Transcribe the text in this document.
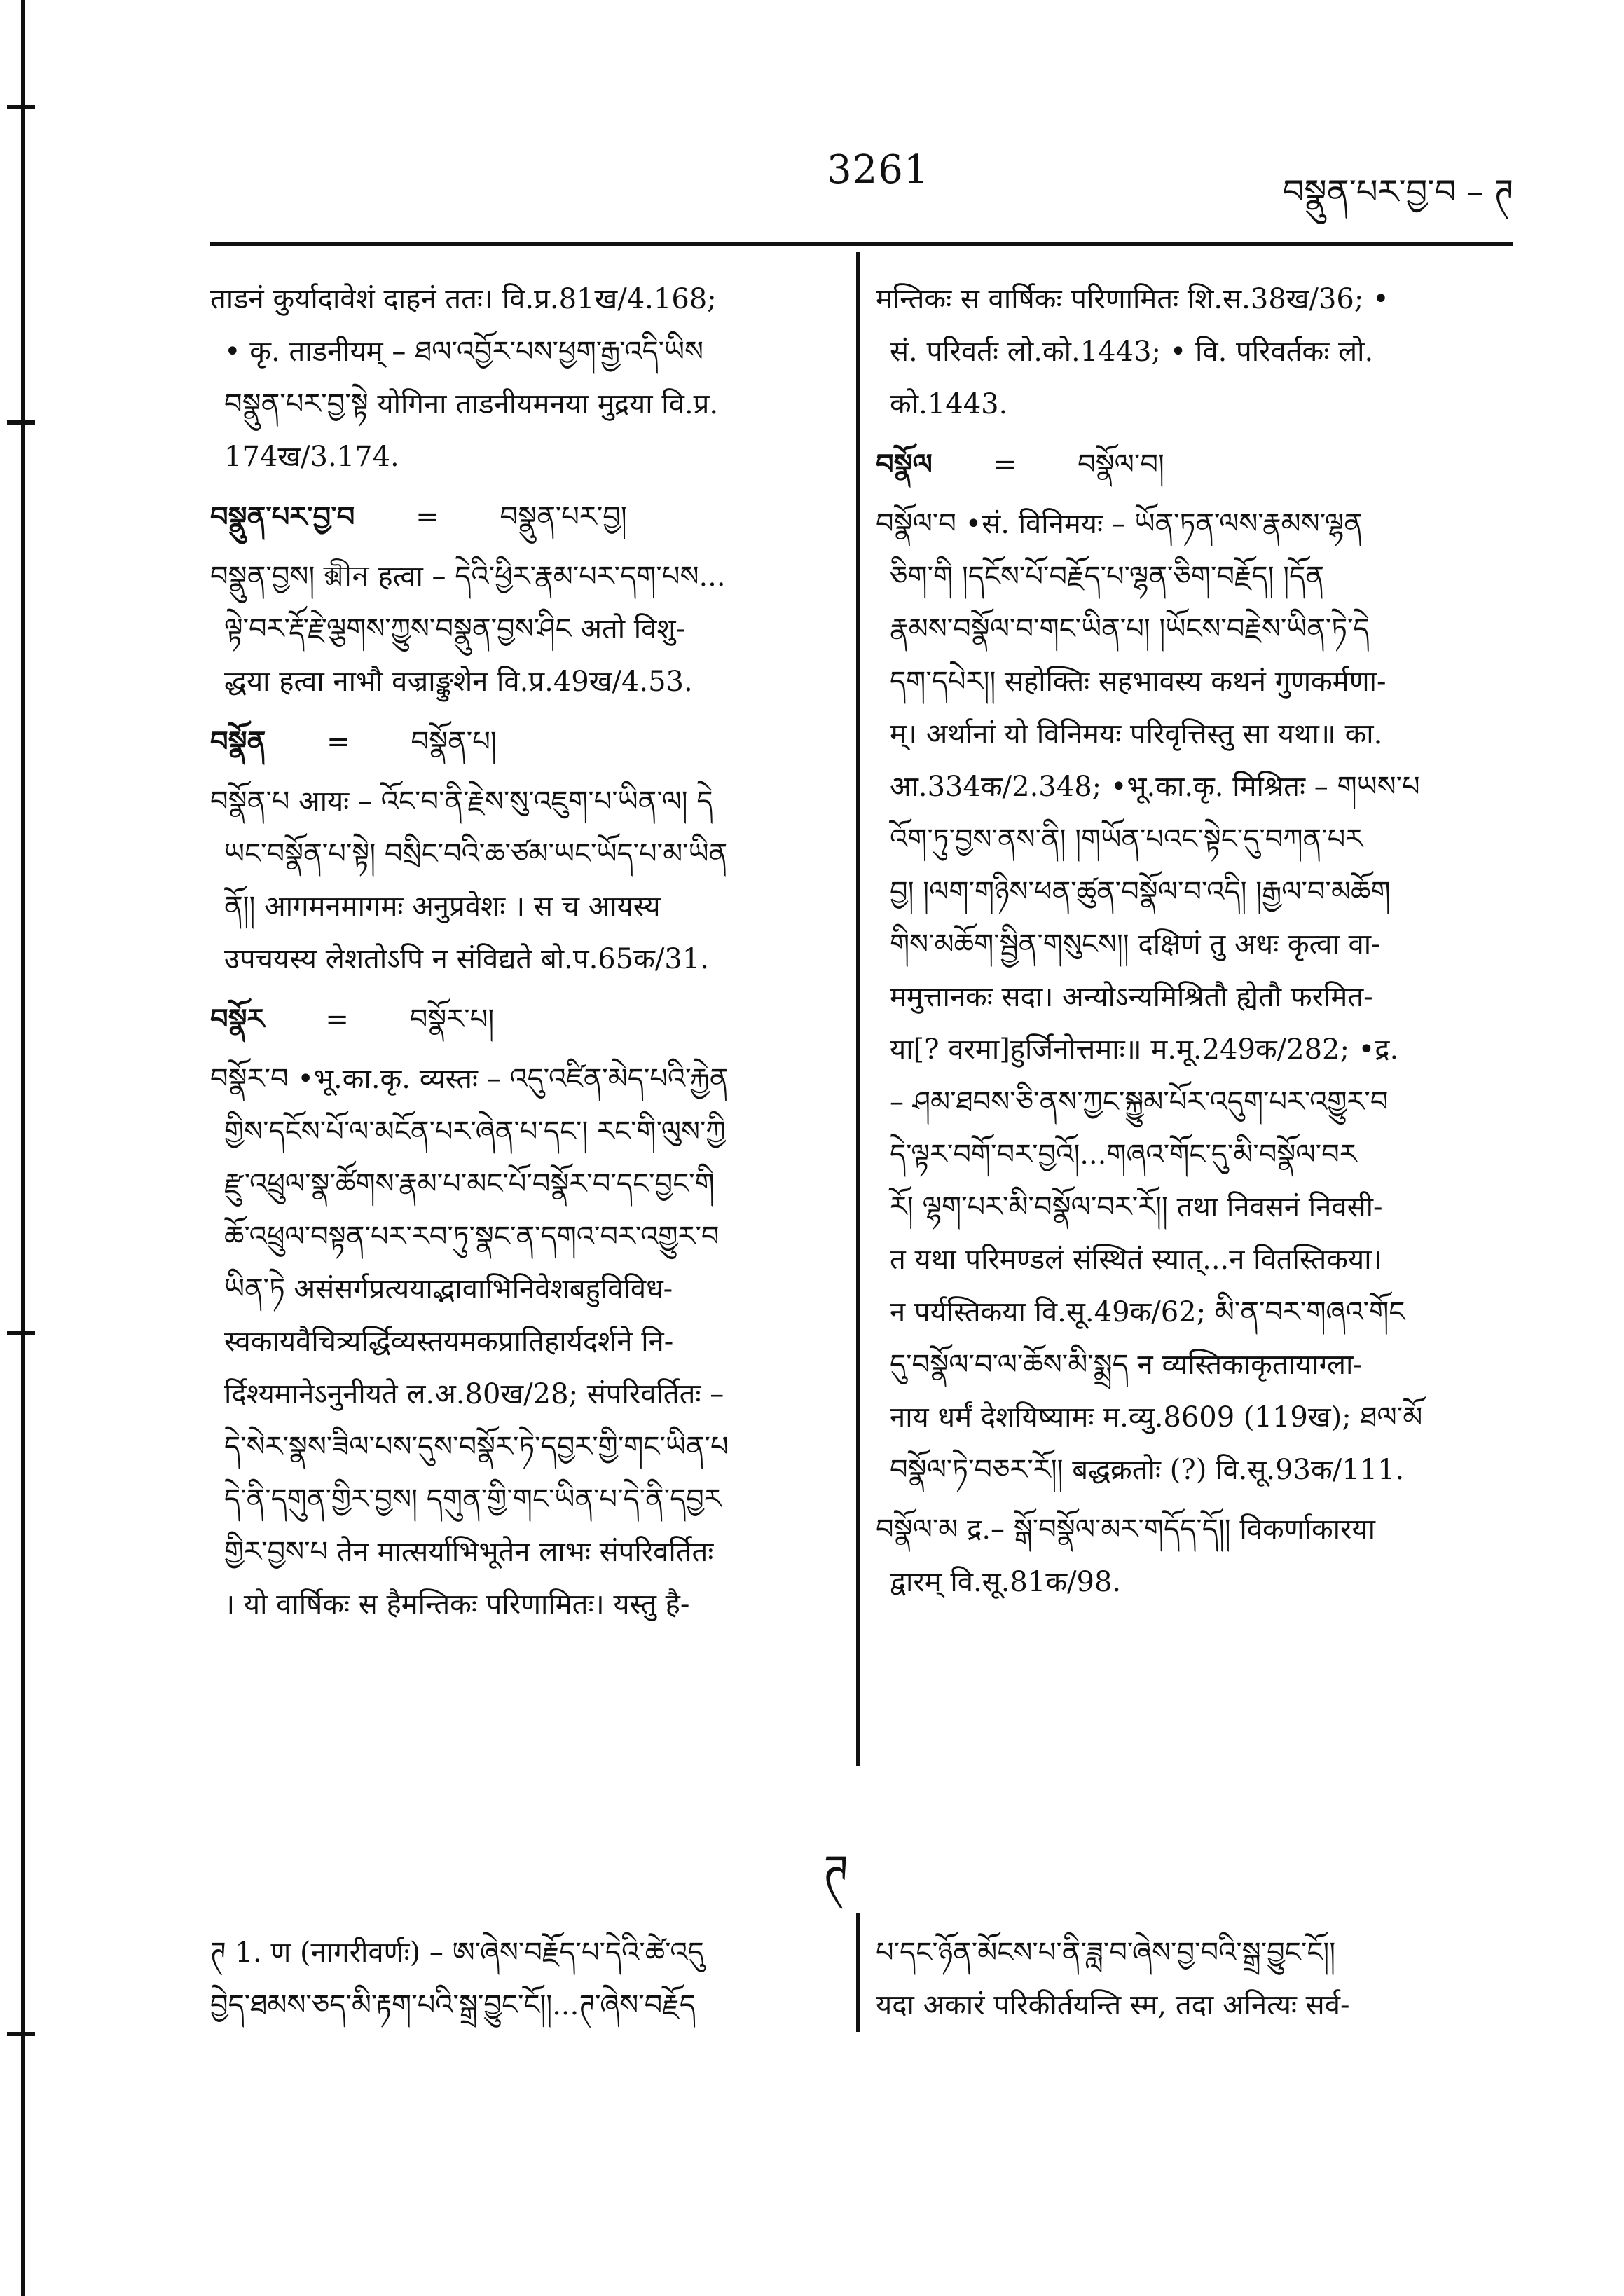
3261	བསྣུན་པར་བྱ་བ – ཊ
ताडनं कुर्यादावेशं दाहनं ततः। वि.प्र.81ख/4.168;
• कृ. ताडनीयम् – ཐལ་འབྱོར་པས་ཕྱག་རྒྱ་འདི་ཡིས
བསྣུན་པར་བྱ་སྟེ योगिना ताडनीयमनया मुद्रया वि.प्र.
174ख/3.174.
བསྣུན་པར་བྱ་བ = བསྣུན་པར་བྱ།
བསྣུན་བྱས། ক্সীন हत्वा – དེའི་ཕྱིར་རྣམ་པར་དག་པས...
ལྟེ་བར་རྡོ་རྗེ་ལྕགས་ཀྱུས་བསྣུན་བྱས་ཤིང अतो विशु-
द्धया हत्वा नाभौ वज्राङ्कुशेन वि.प्र.49ख/4.53.
བསྣོན = བསྣོན་པ།
བསྣོན་པ आयः – འོང་བ་ནི་རྗེས་སུ་འཇུག་པ་ཡིན་ལ། དེ
ཡང་བསྣོན་པ་སྟེ། བསྲིང་བའི་ཆ་ཙམ་ཡང་ཡོད་པ་མ་ཡིན
ནོ།། आगमनमागमः अनुप्रवेशः । स च आयस्य
उपचयस्य लेशतोऽपि न संविद्यते बो.प.65क/31.
བསྣོར = བསྣོར་པ།
བསྣོར་བ •भू.का.कृ. व्यस्तः – འདུ་འཛིན་མེད་པའི་རྐྱེན
གྱིས་དངོས་པོ་ལ་མངོན་པར་ཞེན་པ་དང་། རང་གི་ལུས་ཀྱི
རྫུ་འཕྲུལ་སྣ་ཚོགས་རྣམ་པ་མང་པོ་བསྣོར་བ་དང་བྱང་གི
ཆོ་འཕྲུལ་བསྟན་པར་རབ་ཏུ་སྣང་ན་དགའ་བར་འགྱུར་བ
ཡིན་ཏེ असंसर्गप्रत्ययाद्भावाभिनिवेशबहुविविध-
स्वकायवैचित्र्यर्द्धिव्यस्तयमकप्रातिहार्यदर्शने नि-
र्दिश्यमानेऽनुनीयते ल.अ.80ख/28; संपरिवर्तितः –
དེ་སེར་སྣས་ཟིལ་པས་དུས་བསྣོར་ཏེ་དབྱར་གྱི་གང་ཡིན་པ
དེ་ནི་དགུན་གྱིར་བྱས། དགུན་གྱི་གང་ཡིན་པ་དེ་ནི་དབྱར
གྱིར་བྱས་པ तेन मात्सर्याभिभूतेन लाभः संपरिवर्तितः
। यो वार्षिकः स हैमन्तिकः परिणामितः। यस्तु है-
मन्तिकः स वार्षिकः परिणामितः शि.स.38ख/36; •
सं. परिवर्तः लो.को.1443; • वि. परिवर्तकः लो.
को.1443.
བསྣོལ = བསྣོལ་བ།
བསྣོལ་བ •सं. विनिमयः – ཡོན་ཏན་ལས་རྣམས་ལྷན
ཅིག་གི །དངོས་པོ་བརྗོད་པ་ལྷན་ཅིག་བརྗོད། །དོན
རྣམས་བསྣོལ་བ་གང་ཡིན་པ། །ཡོངས་བརྗེས་ཡིན་ཏེ་དེ
དག་དཔེར།། सहोक्तिः सहभावस्य कथनं गुणकर्मणा-
म्। अर्थानां यो विनिमयः परिवृत्तिस्तु सा यथा॥ का.
आ.334क/2.348; •भू.का.कृ. मिश्रितः – གཡས་པ
འོག་ཏུ་བྱས་ནས་ནི། །གཡོན་པའང་སྟེང་དུ་བཀན་པར
བྱ། །ལག་གཉིས་ཕན་ཚུན་བསྣོལ་བ་འདི། །རྒྱལ་བ་མཆོག
གིས་མཆོག་སྦྱིན་གསུངས།། दक्षिणं तु अधः कृत्वा वा-
ममुत्तानकः सदा। अन्योऽन्यमिश्रितौ ह्येतौ फरमित-
या[? वरमा]हुर्जिनोत्तमाः॥ म.मू.249क/282; •द्र.
– ཤམ་ཐབས་ཅི་ནས་ཀྱང་སྐྱུམ་པོར་འདུག་པར་འགྱུར་བ
དེ་ལྟར་བགོ་བར་བྱའོ།...གཞའ་གོང་དུ་མི་བསྣོལ་བར
རོ། ལྷག་པར་མི་བསྣོལ་བར་རོ།། तथा निवसनं निवसी-
त यथा परिमण्डलं संस्थितं स्यात्...न वितस्तिकया।
न पर्यस्तिकया वि.सू.49क/62; མི་ན་བར་གཞའ་གོང
དུ་བསྣོལ་བ་ལ་ཆོས་མི་སྨྲད न व्यस्तिकाकृतायाग्ला-
नाय धर्मं देशयिष्यामः म.व्यु.8609 (119ख); ཐལ་མོ
བསྣོལ་ཏེ་བཅར་རོ།། बद्धक्रतोः (?) वि.सू.93क/111.
བསྣོལ་མ द्र.– སྒོ་བསྣོལ་མར་གདོད་དོ།། विकर्णाकारया
द्वारम् वि.सू.81क/98.
ཊ
ཊ 1. ण (नागरीवर्णः) – ཨ་ཞེས་བརྗོད་པ་དེའི་ཚེ་འདུ
བྱེད་ཐམས་ཅད་མི་རྟག་པའི་སྒྲ་བྱུང་ངོ།།...ཊ་ཞེས་བརྗོད
པ་དང་ཉོན་མོངས་པ་ནི་ཟླ་བ་ཞེས་བྱ་བའི་སྒྲ་བྱུང་ངོ།།
यदा अकारं परिकीर्तयन्ति स्म, तदा अनित्यः सर्व-
